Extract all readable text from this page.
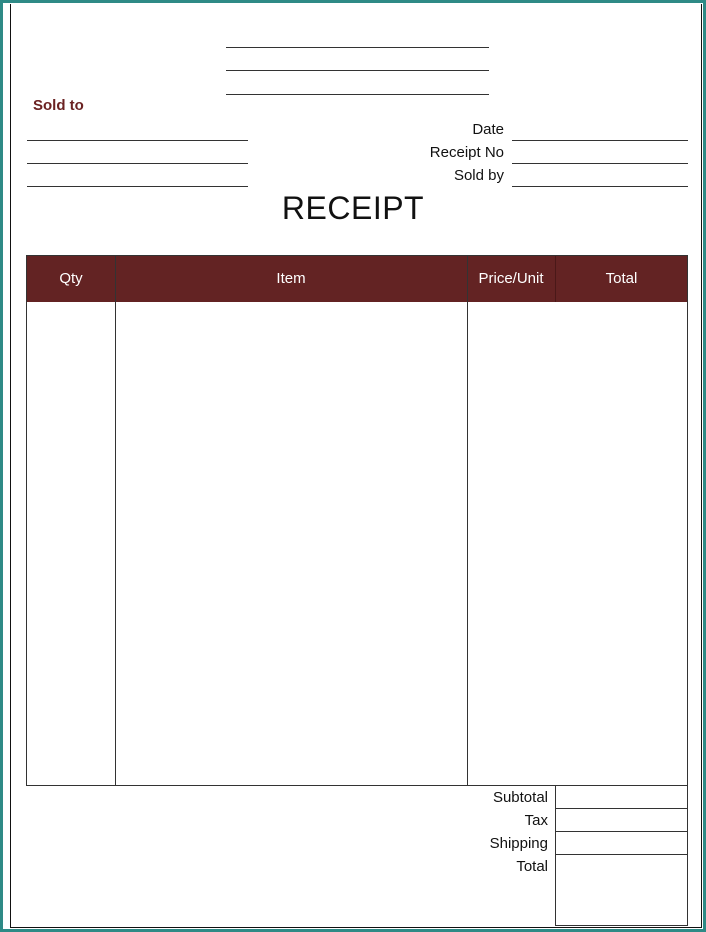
Sold to
Date
Receipt No
Sold by
RECEIPT
Qty	Item	Price/Unit	Total
Subtotal
Tax
Shipping
Total
